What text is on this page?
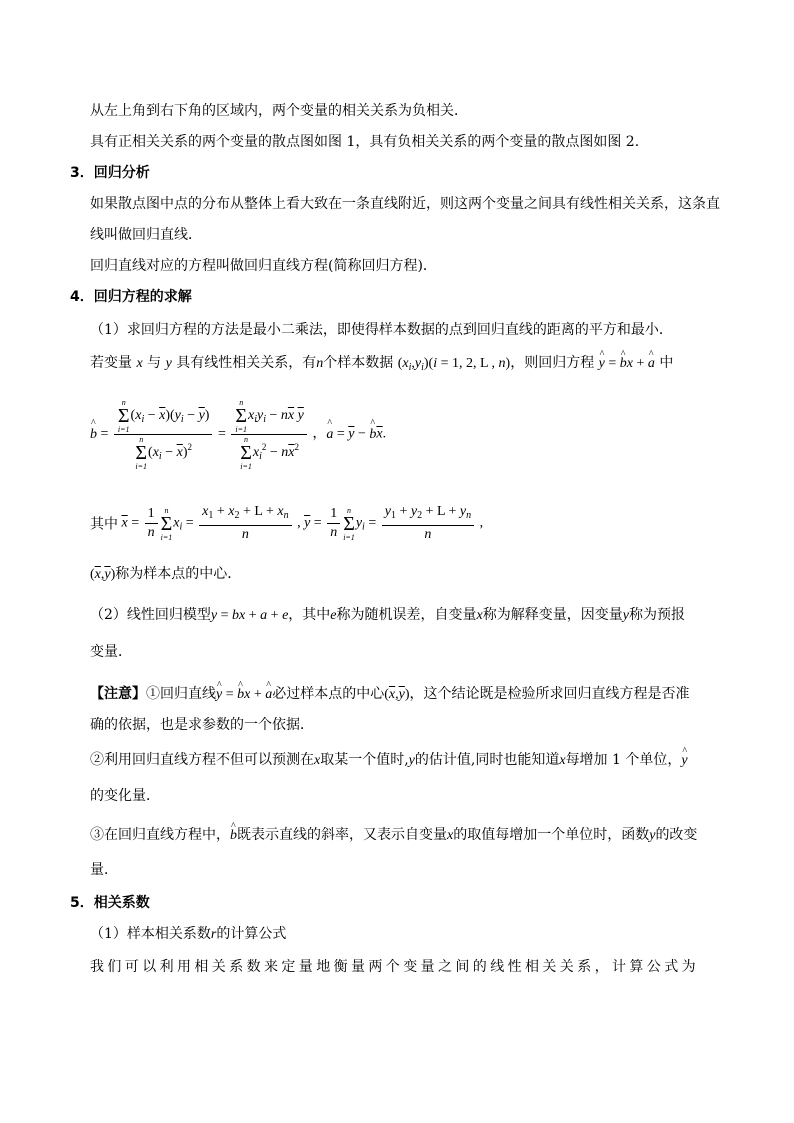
从左上角到右下角的区域内，两个变量的相关关系为负相关．
具有正相关关系的两个变量的散点图如图 1，具有负相关关系的两个变量的散点图如图 2.
3．回归分析
如果散点图中点的分布从整体上看大致在一条直线附近，则这两个变量之间具有线性相关关系，这条直
线叫做回归直线．
回归直线对应的方程叫做回归直线方程(简称回归方程)．
4．回归方程的求解
（1）求回归方程的方法是最小二乘法，即使得样本数据的点到回归直线的距离的平方和最小．
若变量 x 与 y 具有线性相关关系，有n个样本数据 $(x_i,y_i)(i = 1$, 2, L , n)，则回归方程 ^ y = ^ bx + ^ a 中
^ b = n
Σ
i=1
$(x_i - \overline{x})(y_i - \overline{y})$
n
Σ
i=1
$(x_i - \overline{x})^2 = n$
Σ
i=1
$x_iy_i - n\overline{x}$ $\overline{y}$
n
Σ
i=1
$x_i^2 - n\overline{x}^2$ ，^ $a = \overline{y}$ − ^ $b\overline{x}$.
其中 $\overline{x} = \frac{1}{n}$ n
Σ
i=1
$x_i = \frac{x_1 + x_2 + L + x_n}{n}$ , $\overline{y} = \frac{1}{n}$ n
Σ
i=1
$y_i = \frac{y_1 + y_2 + L + y_n}{n}$ ,
$(\overline{x},\overline{y})$称为样本点的中心．
（2）线性回归模型y = bx + a + e，其中e称为随机误差，自变量x称为解释变量，因变量y称为预报
变量．
【注意】①回归直线^ y = ^ bx + ^ a必过样本点的中心$(\overline{x},\overline{y})$，这个结论既是检验所求回归直线方程是否准
确的依据，也是求参数的一个依据．
②利用回归直线方程不但可以预测在x取某一个值时,y的估计值,同时也能知道x每增加 1 个单位，^ y
的变化量．
③在回归直线方程中，^ b既表示直线的斜率，又表示自变量x的取值每增加一个单位时，函数y的改变
量．
5．相关系数
（1）样本相关系数r的计算公式
我们可以利用相关系数来定量地衡量两个变量之间的线性相关关系，计算公式为
